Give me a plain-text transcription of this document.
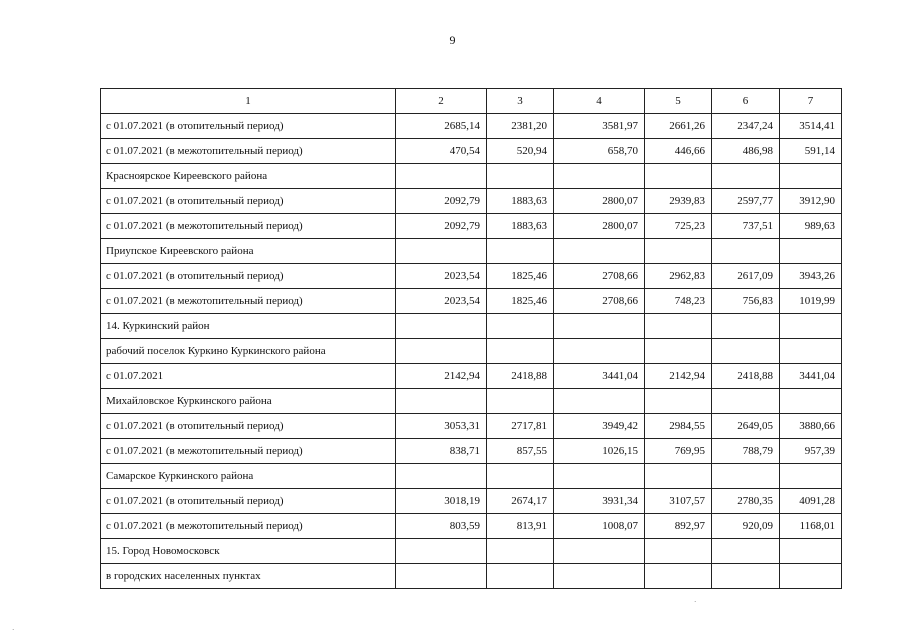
9
1	2	3	4	5	6	7
с 01.07.2021 (в отопительный период)	2685,14	2381,20	3581,97	2661,26	2347,24	3514,41
с 01.07.2021 (в межотопительный период)	470,54	520,94	658,70	446,66	486,98	591,14
Красноярское Киреевского района						
с 01.07.2021 (в отопительный период)	2092,79	1883,63	2800,07	2939,83	2597,77	3912,90
с 01.07.2021 (в межотопительный период)	2092,79	1883,63	2800,07	725,23	737,51	989,63
Приупское Киреевского района						
с 01.07.2021 (в отопительный период)	2023,54	1825,46	2708,66	2962,83	2617,09	3943,26
с 01.07.2021 (в межотопительный период)	2023,54	1825,46	2708,66	748,23	756,83	1019,99
14. Куркинский район						
рабочий поселок Куркино Куркинского района						
с 01.07.2021	2142,94	2418,88	3441,04	2142,94	2418,88	3441,04
Михайловское Куркинского района						
с 01.07.2021 (в отопительный период)	3053,31	2717,81	3949,42	2984,55	2649,05	3880,66
с 01.07.2021 (в межотопительный период)	838,71	857,55	1026,15	769,95	788,79	957,39
Самарское Куркинского района						
с 01.07.2021 (в отопительный период)	3018,19	2674,17	3931,34	3107,57	2780,35	4091,28
с 01.07.2021 (в межотопительный период)	803,59	813,91	1008,07	892,97	920,09	1168,01
15. Город Новомосковск						
в городских населенных пунктах						
·
·
